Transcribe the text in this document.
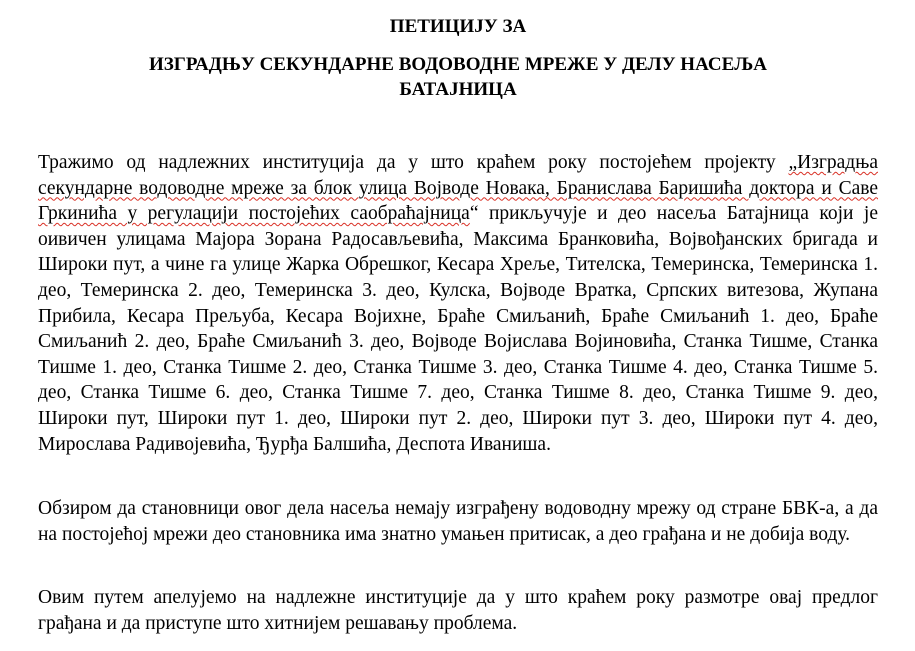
ПЕТИЦИЈУ ЗА
ИЗГРАДЊУ СЕКУНДАРНЕ ВОДОВОДНЕ МРЕЖЕ У ДЕЛУ НАСЕЉА
БАТАЈНИЦА

Тражимо од надлежних институција да у што краћем року постојећем пројекту „Изградња секундарне водоводне мреже за блок улица Војводе Новака, Бранислава Баришића доктора и Саве Гркинића у регулацији постојећих саобраћајница“ прикључује и део насеља Батајница који је оивичен улицама Мајора Зорана Радосављевића, Максима Бранковића, Војвођанских бригада и Широки пут, а чине га улице Жарка Обрешког, Кесара Хреље, Тителска, Темеринска, Темеринска 1. део, Темеринска 2. део, Темеринска 3. део, Кулска, Војводе Вратка, Српских витезова, Жупана Прибила, Кесара Прељуба, Кесара Војихне, Браће Смиљанић, Браће Смиљанић 1. део, Браће Смиљанић 2. део, Браће Смиљанић 3. део, Војводе Војислава Војиновића, Станка Тишме, Станка Тишме 1. део, Станка Тишме 2. део, Станка Тишме 3. део, Станка Тишме 4. део, Станка Тишме 5. део, Станка Тишме 6. део, Станка Тишме 7. део, Станка Тишме 8. део, Станка Тишме 9. део, Широки пут, Широки пут 1. део, Широки пут 2. део, Широки пут 3. део, Широки пут 4. део, Мирослава Радивојевића, Ђурђа Балшића, Деспота Иваниша.

Обзиром да становници овог дела насеља немају изграђену водоводну мрежу од стране БВК-а, а да на постојећој мрежи део становника има знатно умањен притисак, а део грађана и не добија воду.

Овим путем апелујемо на надлежне институције да у што краћем року размотре овај предлог грађана и да приступе што хитнијем решавању проблема.
